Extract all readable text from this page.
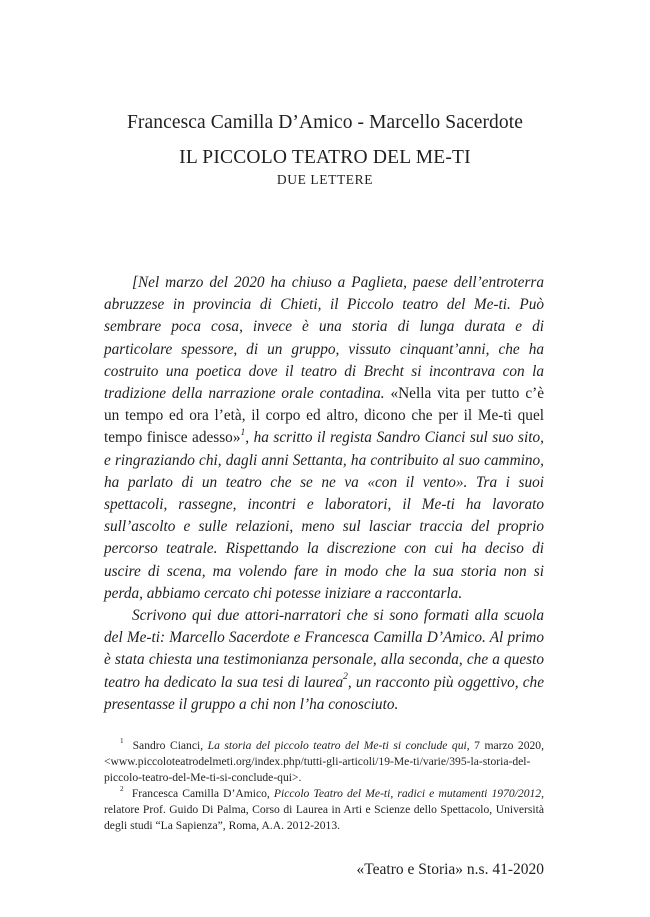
Francesca Camilla D’Amico - Marcello Sacerdote
IL PICCOLO TEATRO DEL ME-TI
DUE LETTERE

[Nel marzo del 2020 ha chiuso a Paglieta, paese dell’entroterra abruzzese in provincia di Chieti, il Piccolo teatro del Me-ti. Può sembrare poca cosa, invece è una storia di lunga durata e di particolare spessore, di un gruppo, vissuto cinquant’anni, che ha costruito una poetica dove il teatro di Brecht si incontrava con la tradizione della narrazione orale contadina. «Nella vita per tutto c’è un tempo ed ora l’età, il corpo ed altro, dicono che per il Me-ti quel tempo finisce adesso»$^1$, ha scritto il regista Sandro Cianci sul suo sito, e ringraziando chi, dagli anni Settanta, ha contribuito al suo cammino, ha parlato di un teatro che se ne va «con il vento». Tra i suoi spettacoli, rassegne, incontri e laboratori, il Me-ti ha lavorato sull’ascolto e sulle relazioni, meno sul lasciar traccia del proprio percorso teatrale. Rispettando la discrezione con cui ha deciso di uscire di scena, ma volendo fare in modo che la sua storia non si perda, abbiamo cercato chi potesse iniziare a raccontarla.

Scrivono qui due attori-narratori che si sono formati alla scuola del Me-ti: Marcello Sacerdote e Francesca Camilla D’Amico. Al primo è stata chiesta una testimonianza personale, alla seconda, che a questo teatro ha dedicato la sua tesi di laurea$^2$, un racconto più oggettivo, che presentasse il gruppo a chi non l’ha conosciuto.

$^1$ Sandro Cianci, La storia del piccolo teatro del Me-ti si conclude qui, 7 marzo 2020, <www.piccoloteatrodelmeti.org/index.php/tutti-gli-articoli/19-Me-ti/varie/395-la-storia-del-piccolo-teatro-del-Me-ti-si-conclude-qui>.

$^2$ Francesca Camilla D’Amico, Piccolo Teatro del Me-ti, radici e mutamenti 1970/2012, relatore Prof. Guido Di Palma, Corso di Laurea in Arti e Scienze dello Spettacolo, Università degli studi “La Sapienza”, Roma, A.A. 2012-2013.

«Teatro e Storia» n.s. 41-2020
